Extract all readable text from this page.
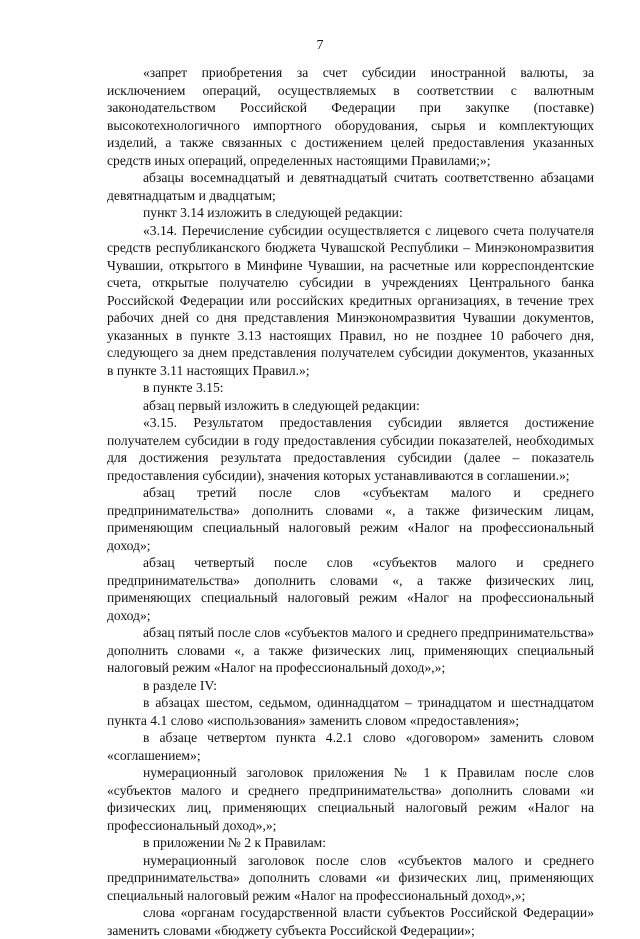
7

«запрет приобретения за счет субсидии иностранной валюты, за исключением операций, осуществляемых в соответствии с валютным законодательством Российской Федерации при закупке (поставке) высокотехнологичного импортного оборудования, сырья и комплектующих изделий, а также связанных с достижением целей предоставления указанных средств иных операций, определенных настоящими Правилами;»;

абзацы восемнадцатый и девятнадцатый считать соответственно абзацами девятнадцатым и двадцатым;

пункт 3.14 изложить в следующей редакции:

«3.14. Перечисление субсидии осуществляется с лицевого счета получателя средств республиканского бюджета Чувашской Республики – Минэкономразвития Чувашии, открытого в Минфине Чувашии, на расчетные или корреспондентские счета, открытые получателю субсидии в учреждениях Центрального банка Российской Федерации или российских кредитных организациях, в течение трех рабочих дней со дня представления Минэкономразвития Чувашии документов, указанных в пункте 3.13 настоящих Правил, но не позднее 10 рабочего дня, следующего за днем представления получателем субсидии документов, указанных в пункте 3.11 настоящих Правил.»;

в пункте 3.15:

абзац первый изложить в следующей редакции:

«3.15. Результатом предоставления субсидии является достижение получателем субсидии в году предоставления субсидии показателей, необходимых для достижения результата предоставления субсидии (далее – показатель предоставления субсидии), значения которых устанавливаются в соглашении.»;

абзац третий после слов «субъектам малого и среднего предпринимательства» дополнить словами «, а также физическим лицам, применяющим специальный налоговый режим «Налог на профессиональный доход»;

абзац четвертый после слов «субъектов малого и среднего предпринимательства» дополнить словами «, а также физических лиц, применяющих специальный налоговый режим «Налог на профессиональный доход»;

абзац пятый после слов «субъектов малого и среднего предпринимательства» дополнить словами «, а также физических лиц, применяющих специальный налоговый режим «Налог на профессиональный доход»,»;

в разделе IV:

в абзацах шестом, седьмом, одиннадцатом – тринадцатом и шестнадцатом пункта 4.1 слово «использования» заменить словом «предоставления»;

в абзаце четвертом пункта 4.2.1 слово «договором» заменить словом «соглашением»;

нумерационный заголовок приложения № 1 к Правилам после слов «субъектов малого и среднего предпринимательства» дополнить словами «и физических лиц, применяющих специальный налоговый режим «Налог на профессиональный доход»,»;

в приложении № 2 к Правилам:

нумерационный заголовок после слов «субъектов малого и среднего предпринимательства» дополнить словами «и физических лиц, применяющих специальный налоговый режим «Налог на профессиональный доход»,»;

слова «органам государственной власти субъектов Российской Федерации» заменить словами «бюджету субъекта Российской Федерации»;
